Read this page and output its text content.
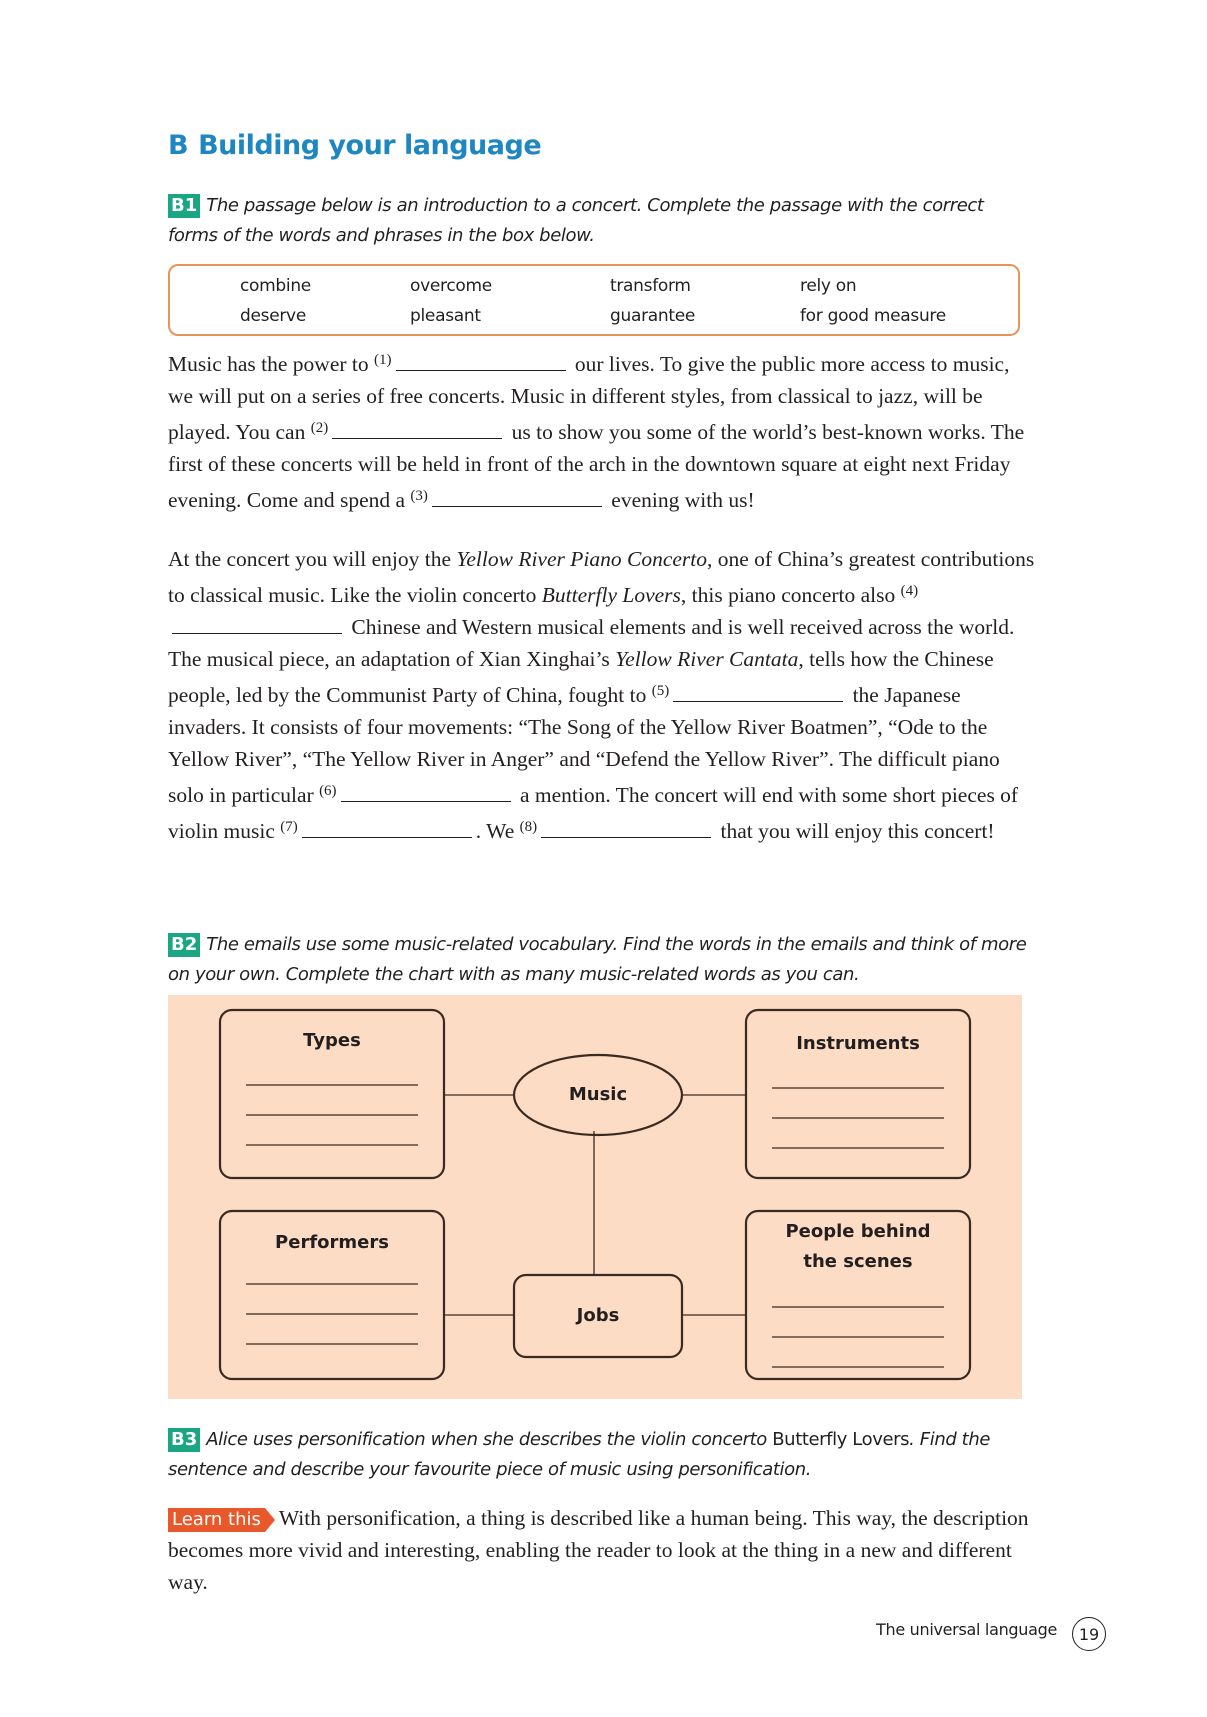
B Building your language
B1 The passage below is an introduction to a concert. Complete the passage with the correct forms of the words and phrases in the box below.
combine	overcome	transform	rely on
deserve	pleasant	guarantee	for good measure

Music has the power to $^{(1)}$	our lives. To give the public more access to music, we will put on a series of free concerts. Music in different styles, from classical to jazz, will be played. You can $^{(2)}$	us to show you some of the world’s best-known works. The first of these concerts will be held in front of the arch in the downtown square at eight next Friday evening. Come and spend a $^{(3)}$	evening with us!

At the concert you will enjoy the Yellow River Piano Concerto, one of China’s greatest contributions to classical music. Like the violin concerto Butterfly Lovers, this piano concerto also $^{(4)}$ Chinese and Western musical elements and is well received across the world. The musical piece, an adaptation of Xian Xinghai’s Yellow River Cantata, tells how the Chinese people, led by the Communist Party of China, fought to $^{(5)}$	the Japanese invaders. It consists of four movements: “The Song of the Yellow River Boatmen”, “Ode to the Yellow River”, “The Yellow River in Anger” and “Defend the Yellow River”. The difficult piano solo in particular $^{(6)}$	a mention. The concert will end with some short pieces of violin music $^{(7)}$	. We $^{(8)}$	that you will enjoy this concert!

B2 The emails use some music-related vocabulary. Find the words in the emails and think of more on your own. Complete the chart with as many music-related words as you can.
Types	Instruments
Music
Performers
Jobs
People behind
the scenes
B3 Alice uses personification when she describes the violin concerto Butterfly Lovers. Find the sentence and describe your favourite piece of music using personification.

Learn this With personification, a thing is described like a human being. This way, the description becomes more vivid and interesting, enabling the reader to look at the thing in a new and different way.

The universal language	19
